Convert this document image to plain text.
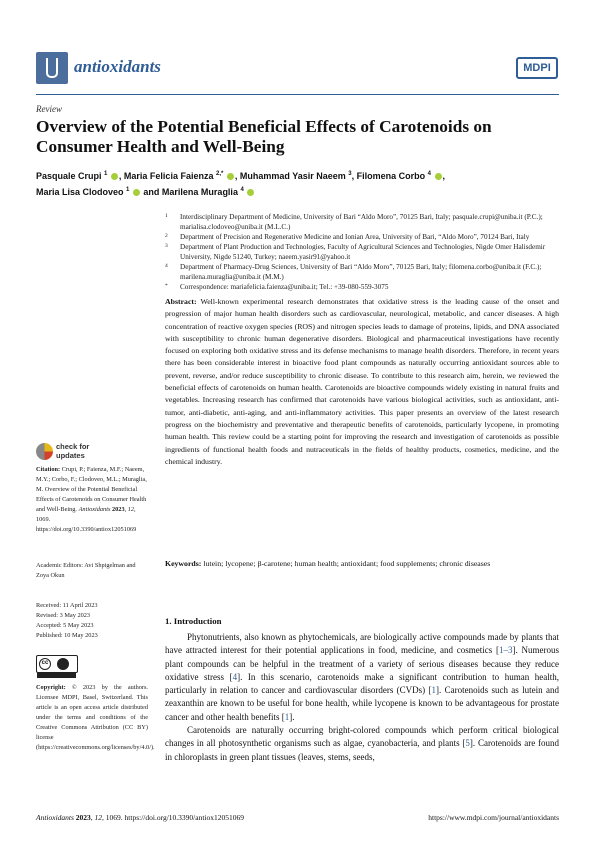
antioxidants	MDPI
Review
Overview of the Potential Beneficial Effects of Carotenoids on Consumer Health and Well-Being
Pasquale Crupi $^1$ , Maria Felicia Faienza $^{2,*}$ , Muhammad Yasir Naeem $^3$, Filomena Corbo $^4$ ,
Maria Lisa Clodoveo $^1$  and Marilena Muraglia $^4$
1 Interdisciplinary Department of Medicine, University of Bari “Aldo Moro”, 70125 Bari, Italy; pasquale.crupi@uniba.it (P.C.); marialisa.clodoveo@uniba.it (M.L.C.)
2 Department of Precision and Regenerative Medicine and Ionian Area, University of Bari, “Aldo Moro”, 70124 Bari, Italy
3 Department of Plant Production and Technologies, Faculty of Agricultural Sciences and Technologies, Nigde Omer Halisdemir University, Nigde 51240, Turkey; naeem.yasir91@yahoo.it
4 Department of Pharmacy-Drug Sciences, University of Bari “Aldo Moro”, 70125 Bari, Italy; filomena.corbo@uniba.it (F.C.); marilena.muraglia@uniba.it (M.M.)
* Correspondence: mariafelicia.faienza@uniba.it; Tel.: +39-080-559-3075
Abstract: Well-known experimental research demonstrates that oxidative stress is the leading cause of the onset and progression of major human health disorders such as cardiovascular, neurological, metabolic, and cancer diseases. A high concentration of reactive oxygen species (ROS) and nitrogen species leads to damage of proteins, lipids, and DNA associated with susceptibility to chronic human degenerative disorders. Biological and pharmaceutical investigations have recently focused on exploring both oxidative stress and its defense mechanisms to manage health disorders. Therefore, in recent years there has been considerable interest in bioactive food plant compounds as naturally occurring antioxidant sources able to prevent, reverse, and/or reduce susceptibility to chronic disease. To contribute to this research aim, herein, we reviewed the beneficial effects of carotenoids on human health. Carotenoids are bioactive compounds widely existing in natural fruits and vegetables. Increasing research has confirmed that carotenoids have various biological activities, such as antioxidant, anti-tumor, anti-diabetic, anti-aging, and anti-inflammatory activities. This paper presents an overview of the latest research progress on the biochemistry and preventative and therapeutic benefits of carotenoids, particularly lycopene, in promoting human health. This review could be a starting point for improving the research and investigation of carotenoids as possible ingredients of functional health foods and nutraceuticals in the fields of healthy products, cosmetics, medicine, and the chemical industry.
Keywords: lutein; lycopene; β-carotene; human health; antioxidant; food supplements; chronic diseases
check for
updates
Citation: Crupi, P.; Faienza, M.F.; Naeem, M.Y.; Corbo, F.; Clodoveo, M.L.; Muraglia, M. Overview of the Potential Beneficial Effects of Carotenoids on Consumer Health and Well-Being. Antioxidants 2023, 12, 1069. https://doi.org/10.3390/antiox12051069
Academic Editors: Avi Shpigelman and Zoya Okun
Received: 11 April 2023
Revised: 3 May 2023
Accepted: 5 May 2023
Published: 10 May 2023
cc
Copyright: © 2023 by the authors. Licensee MDPI, Basel, Switzerland. This article is an open access article distributed under the terms and conditions of the Creative Commons Attribution (CC BY) license (https://creativecommons.org/licenses/by/4.0/).
1. Introduction

Phytonutrients, also known as phytochemicals, are biologically active compounds made by plants that have attracted interest for their potential applications in food, medicine, and cosmetics [1–3]. Numerous plant compounds can be helpful in the treatment of a variety of serious diseases because they reduce oxidative stress [4]. In this scenario, carotenoids make a significant contribution to human health, particularly in relation to cancer and cardiovascular disorders (CVDs) [1]. Carotenoids such as lutein and zeaxanthin are known to be useful for bone health, while lycopene is known to be advantageous for prostate cancer and other health benefits [1].

Carotenoids are naturally occurring bright-colored compounds which perform critical biological changes in all photosynthetic organisms such as algae, cyanobacteria, and plants [5]. Carotenoids are found in chloroplasts in green plant tissues (leaves, stems, seeds,

Antioxidants 2023, 12, 1069. https://doi.org/10.3390/antiox12051069	https://www.mdpi.com/journal/antioxidants
